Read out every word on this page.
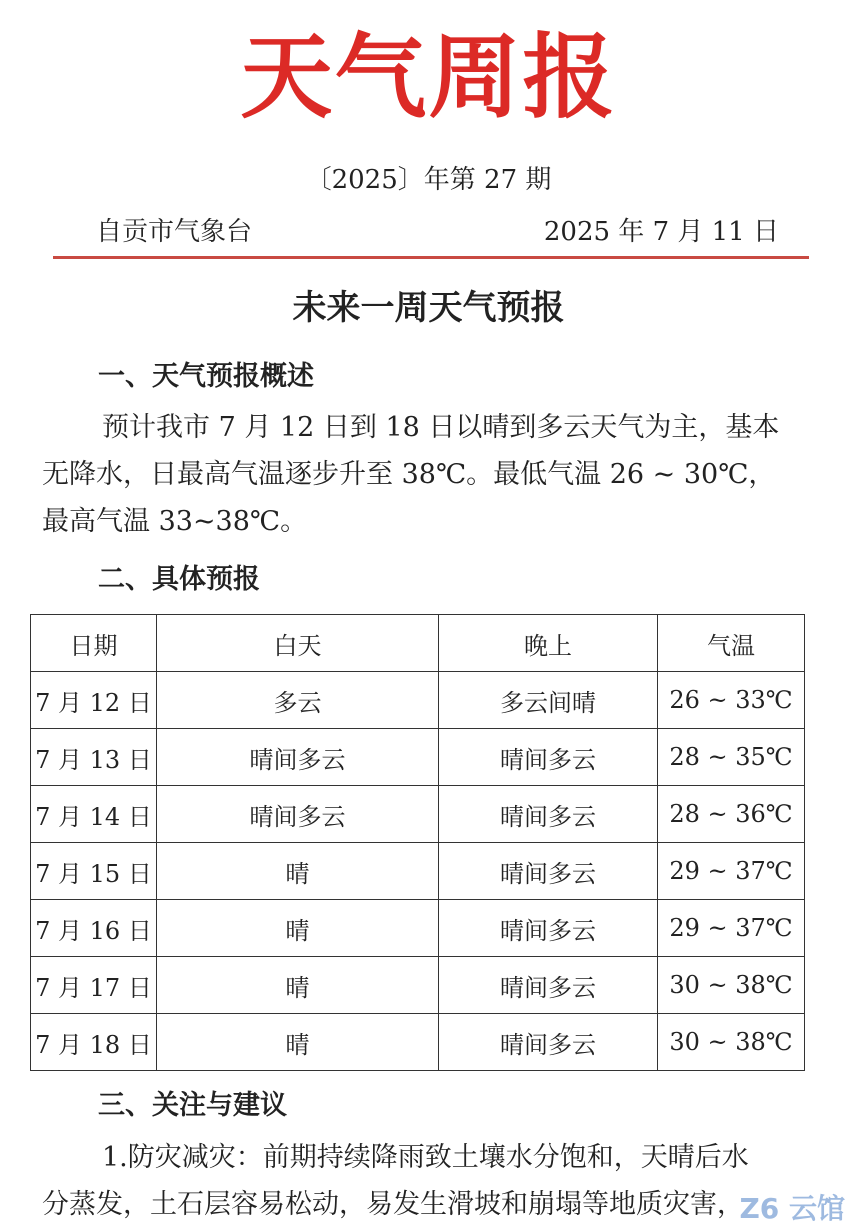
天气周报
〔2025〕年第 27 期
自贡市气象台	2025 年 7 月 11 日
未来一周天气预报
一、天气预报概述
预计我市 7 月 12 日到 18 日以晴到多云天气为主，基本
无降水，日最高气温逐步升至 38℃。最低气温 26 ~ 30℃，
最高气温 33~38℃。
二、具体预报
日期	白天	晚上	气温
7 月 12 日	多云	多云间晴	26 ~ 33℃
7 月 13 日	晴间多云	晴间多云	28 ~ 35℃
7 月 14 日	晴间多云	晴间多云	28 ~ 36℃
7 月 15 日	晴	晴间多云	29 ~ 37℃
7 月 16 日	晴	晴间多云	29 ~ 37℃
7 月 17 日	晴	晴间多云	30 ~ 38℃
7 月 18 日	晴	晴间多云	30 ~ 38℃
三、关注与建议
1.防灾减灾：前期持续降雨致土壤水分饱和，天晴后水
分蒸发，土石层容易松动，易发生滑坡和崩塌等地质灾害，
Z6 云馆
